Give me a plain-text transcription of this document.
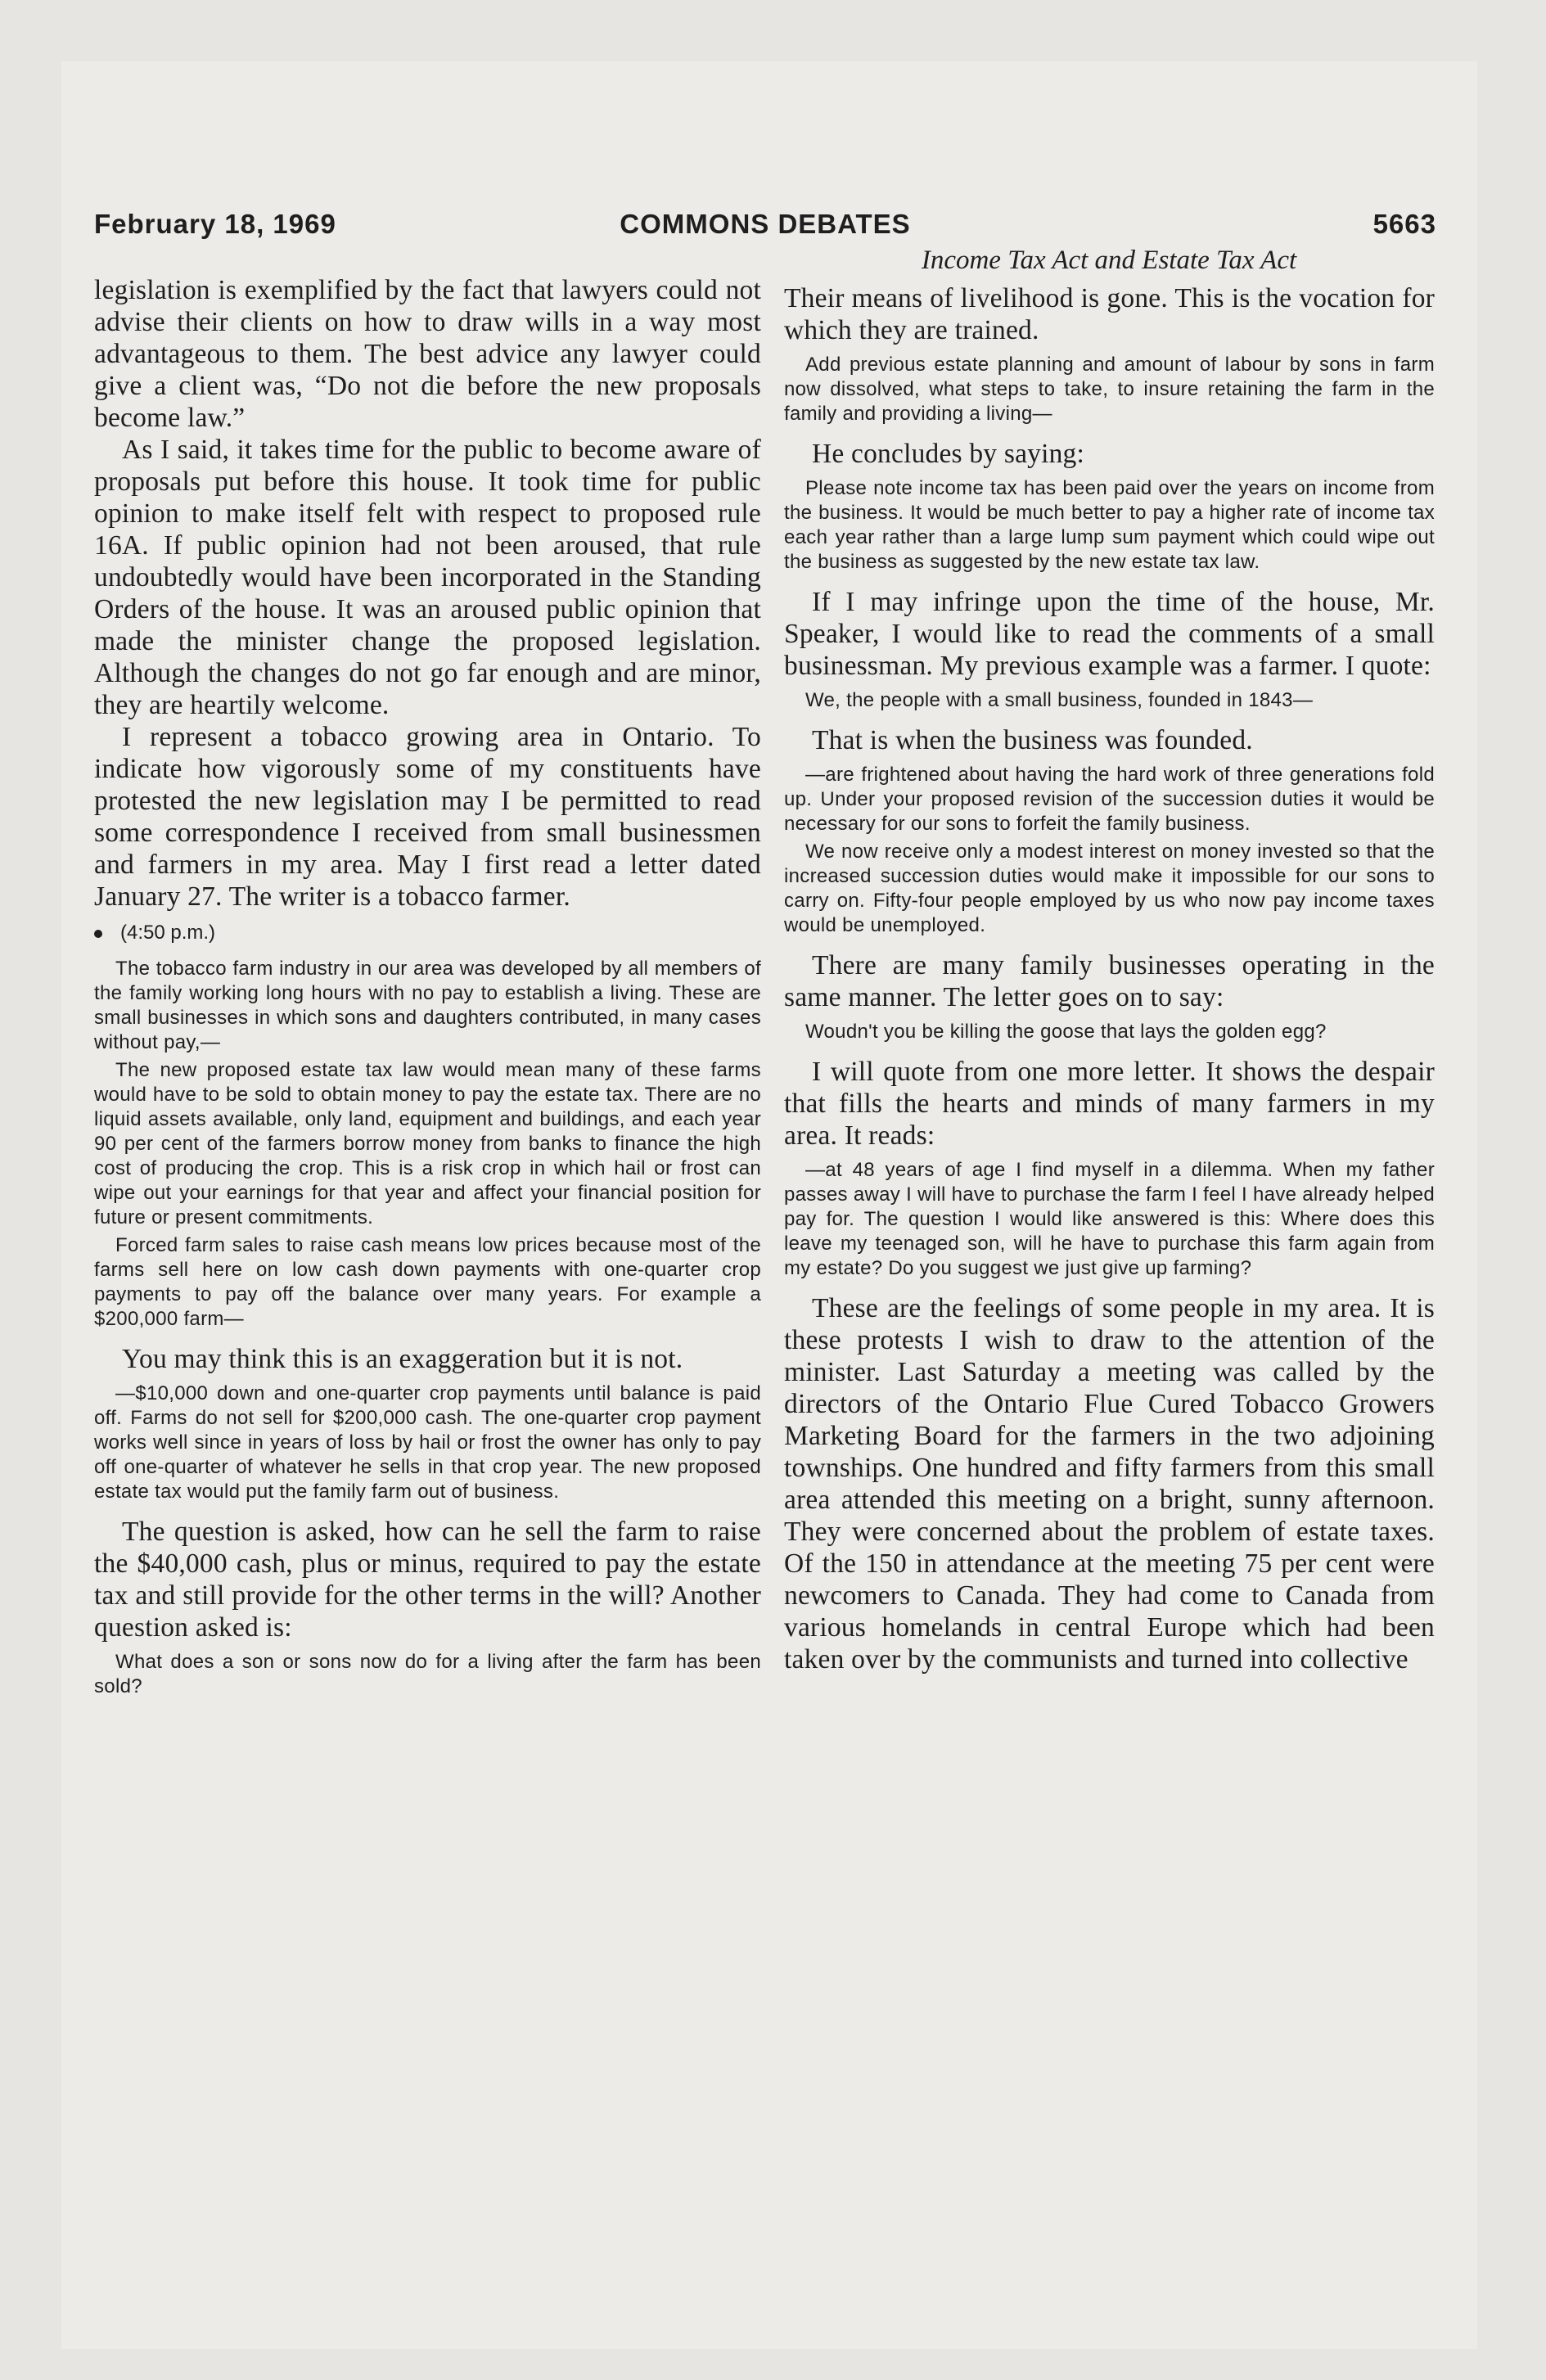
February 18, 1969	COMMONS DEBATES	5663
Income Tax Act and Estate Tax Act

legislation is exemplified by the fact that lawyers could not advise their clients on how to draw wills in a way most advantageous to them. The best advice any lawyer could give a client was, “Do not die before the new proposals become law.”

As I said, it takes time for the public to become aware of proposals put before this house. It took time for public opinion to make itself felt with respect to proposed rule 16A. If public opinion had not been aroused, that rule undoubtedly would have been incorporated in the Standing Orders of the house. It was an aroused public opinion that made the minister change the proposed legislation. Although the changes do not go far enough and are minor, they are heartily welcome.

I represent a tobacco growing area in Ontario. To indicate how vigorously some of my constituents have protested the new legislation may I be permitted to read some correspondence I received from small businessmen and farmers in my area. May I first read a letter dated January 27. The writer is a tobacco farmer.

(4:50 p.m.)

The tobacco farm industry in our area was developed by all members of the family working long hours with no pay to establish a living. These are small businesses in which sons and daughters contributed, in many cases without pay,—

The new proposed estate tax law would mean many of these farms would have to be sold to obtain money to pay the estate tax. There are no liquid assets available, only land, equipment and buildings, and each year 90 per cent of the farmers borrow money from banks to finance the high cost of producing the crop. This is a risk crop in which hail or frost can wipe out your earnings for that year and affect your financial position for future or present commitments.

Forced farm sales to raise cash means low prices because most of the farms sell here on low cash down payments with one-quarter crop payments to pay off the balance over many years. For example a $200,000 farm—

You may think this is an exaggeration but it is not.

—$10,000 down and one-quarter crop payments until balance is paid off. Farms do not sell for $200,000 cash. The one-quarter crop payment works well since in years of loss by hail or frost the owner has only to pay off one-quarter of whatever he sells in that crop year. The new proposed estate tax would put the family farm out of business.

The question is asked, how can he sell the farm to raise the $40,000 cash, plus or minus, required to pay the estate tax and still provide for the other terms in the will? Another question asked is:

What does a son or sons now do for a living after the farm has been sold?

Their means of livelihood is gone. This is the vocation for which they are trained.

Add previous estate planning and amount of labour by sons in farm now dissolved, what steps to take, to insure retaining the farm in the family and providing a living—

He concludes by saying:

Please note income tax has been paid over the years on income from the business. It would be much better to pay a higher rate of income tax each year rather than a large lump sum payment which could wipe out the business as suggested by the new estate tax law.

If I may infringe upon the time of the house, Mr. Speaker, I would like to read the comments of a small businessman. My previous example was a farmer. I quote:

We, the people with a small business, founded in 1843—

That is when the business was founded.

—are frightened about having the hard work of three generations fold up. Under your proposed revision of the succession duties it would be necessary for our sons to forfeit the family business.

We now receive only a modest interest on money invested so that the increased succession duties would make it impossible for our sons to carry on. Fifty-four people employed by us who now pay income taxes would be unemployed.

There are many family businesses operating in the same manner. The letter goes on to say:

Woudn't you be killing the goose that lays the golden egg?

I will quote from one more letter. It shows the despair that fills the hearts and minds of many farmers in my area. It reads:

—at 48 years of age I find myself in a dilemma. When my father passes away I will have to purchase the farm I feel I have already helped pay for. The question I would like answered is this: Where does this leave my teenaged son, will he have to purchase this farm again from my estate? Do you suggest we just give up farming?

These are the feelings of some people in my area. It is these protests I wish to draw to the attention of the minister. Last Saturday a meeting was called by the directors of the Ontario Flue Cured Tobacco Growers Marketing Board for the farmers in the two adjoining townships. One hundred and fifty farmers from this small area attended this meeting on a bright, sunny afternoon. They were concerned about the problem of estate taxes. Of the 150 in attendance at the meeting 75 per cent were newcomers to Canada. They had come to Canada from various homelands in central Europe which had been taken over by the communists and turned into collective
